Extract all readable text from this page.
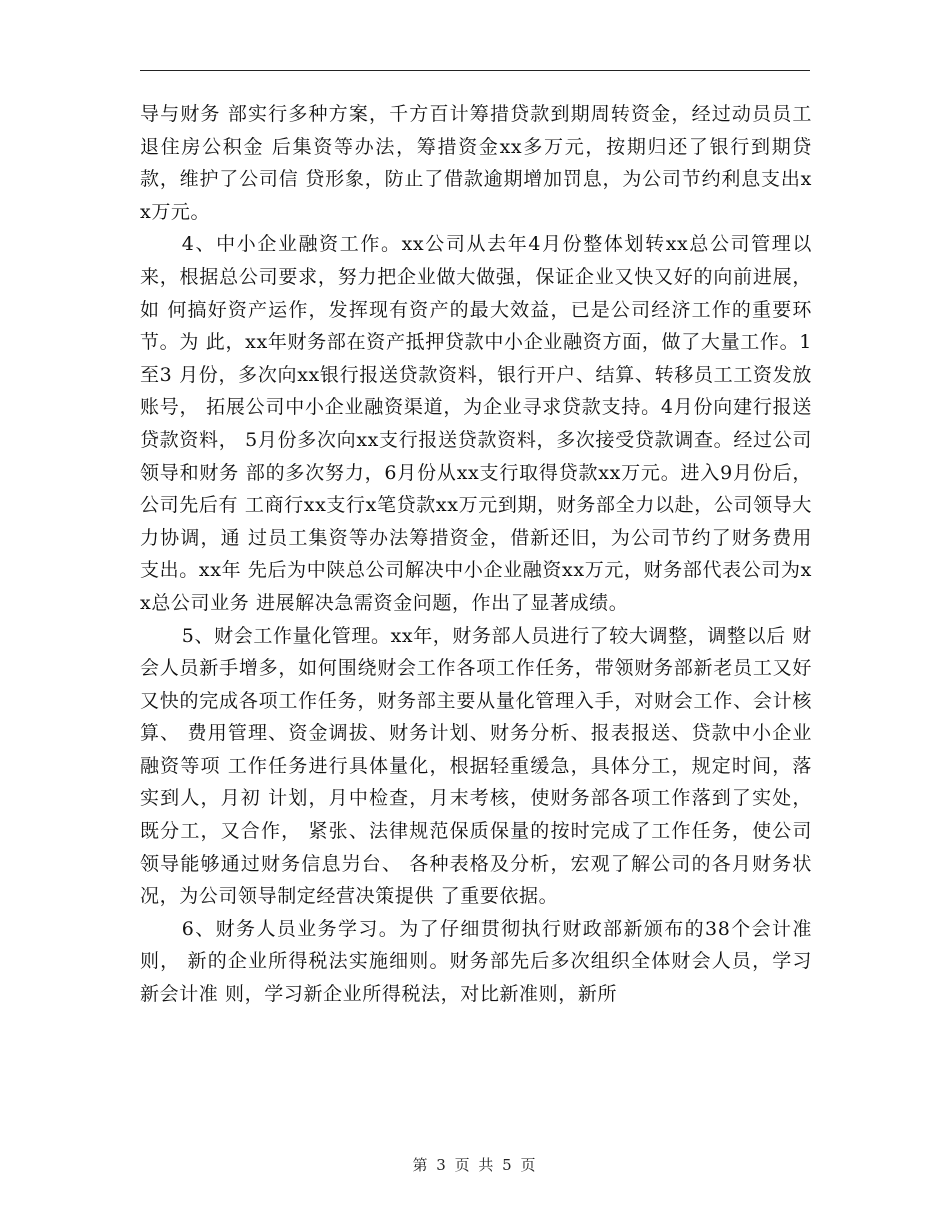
导与财务 部实行多种方案，千方百计筹措贷款到期周转资金，经过动员员工退住房公积金 后集资等办法，筹措资金xx多万元，按期归还了银行到期贷款，维护了公司信 贷形象，防止了借款逾期增加罚息，为公司节约利息支出xx万元。

4、中小企业融资工作。xx公司从去年4月份整体划转xx总公司管理以 来，根据总公司要求，努力把企业做大做强，保证企业又快又好的向前进展，如 何搞好资产运作，发挥现有资产的最大效益，已是公司经济工作的重要环节。为 此，xx年财务部在资产抵押贷款中小企业融资方面，做了大量工作。1至3 月份，多次向xx银行报送贷款资料，银行开户、结算、转移员工工资发放账号， 拓展公司中小企业融资渠道，为企业寻求贷款支持。4月份向建行报送贷款资料， 5月份多次向xx支行报送贷款资料，多次接受贷款调查。经过公司领导和财务 部的多次努力，6月份从xx支行取得贷款xx万元。进入9月份后，公司先后有 工商行xx支行x笔贷款xx万元到期，财务部全力以赴，公司领导大力协调，通 过员工集资等办法筹措资金，借新还旧，为公司节约了财务费用支出。xx年 先后为中陕总公司解决中小企业融资xx万元，财务部代表公司为xx总公司业务 进展解决急需资金问题，作出了显著成绩。

5、财会工作量化管理。xx年，财务部人员进行了较大调整，调整以后 财会人员新手增多，如何围绕财会工作各项工作任务，带领财务部新老员工又好 又快的完成各项工作任务，财务部主要从量化管理入手，对财会工作、会计核算、 费用管理、资金调拔、财务计划、财务分析、报表报送、贷款中小企业融资等项 工作任务进行具体量化，根据轻重缓急，具体分工，规定时间，落实到人，月初 计划，月中检查，月末考核，使财务部各项工作落到了实处，既分工，又合作， 紧张、法律规范保质保量的按时完成了工作任务，使公司领导能够通过财务信息屶台、 各种表格及分析，宏观了解公司的各月财务状况，为公司领导制定经营决策提供 了重要依据。

6、财务人员业务学习。为了仔细贯彻执行财政部新颁布的38个会计准则， 新的企业所得税法实施细则。财务部先后多次组织全体财会人员，学习新会计准 则，学习新企业所得税法，对比新准则，新所

第 3 页 共 5 页
